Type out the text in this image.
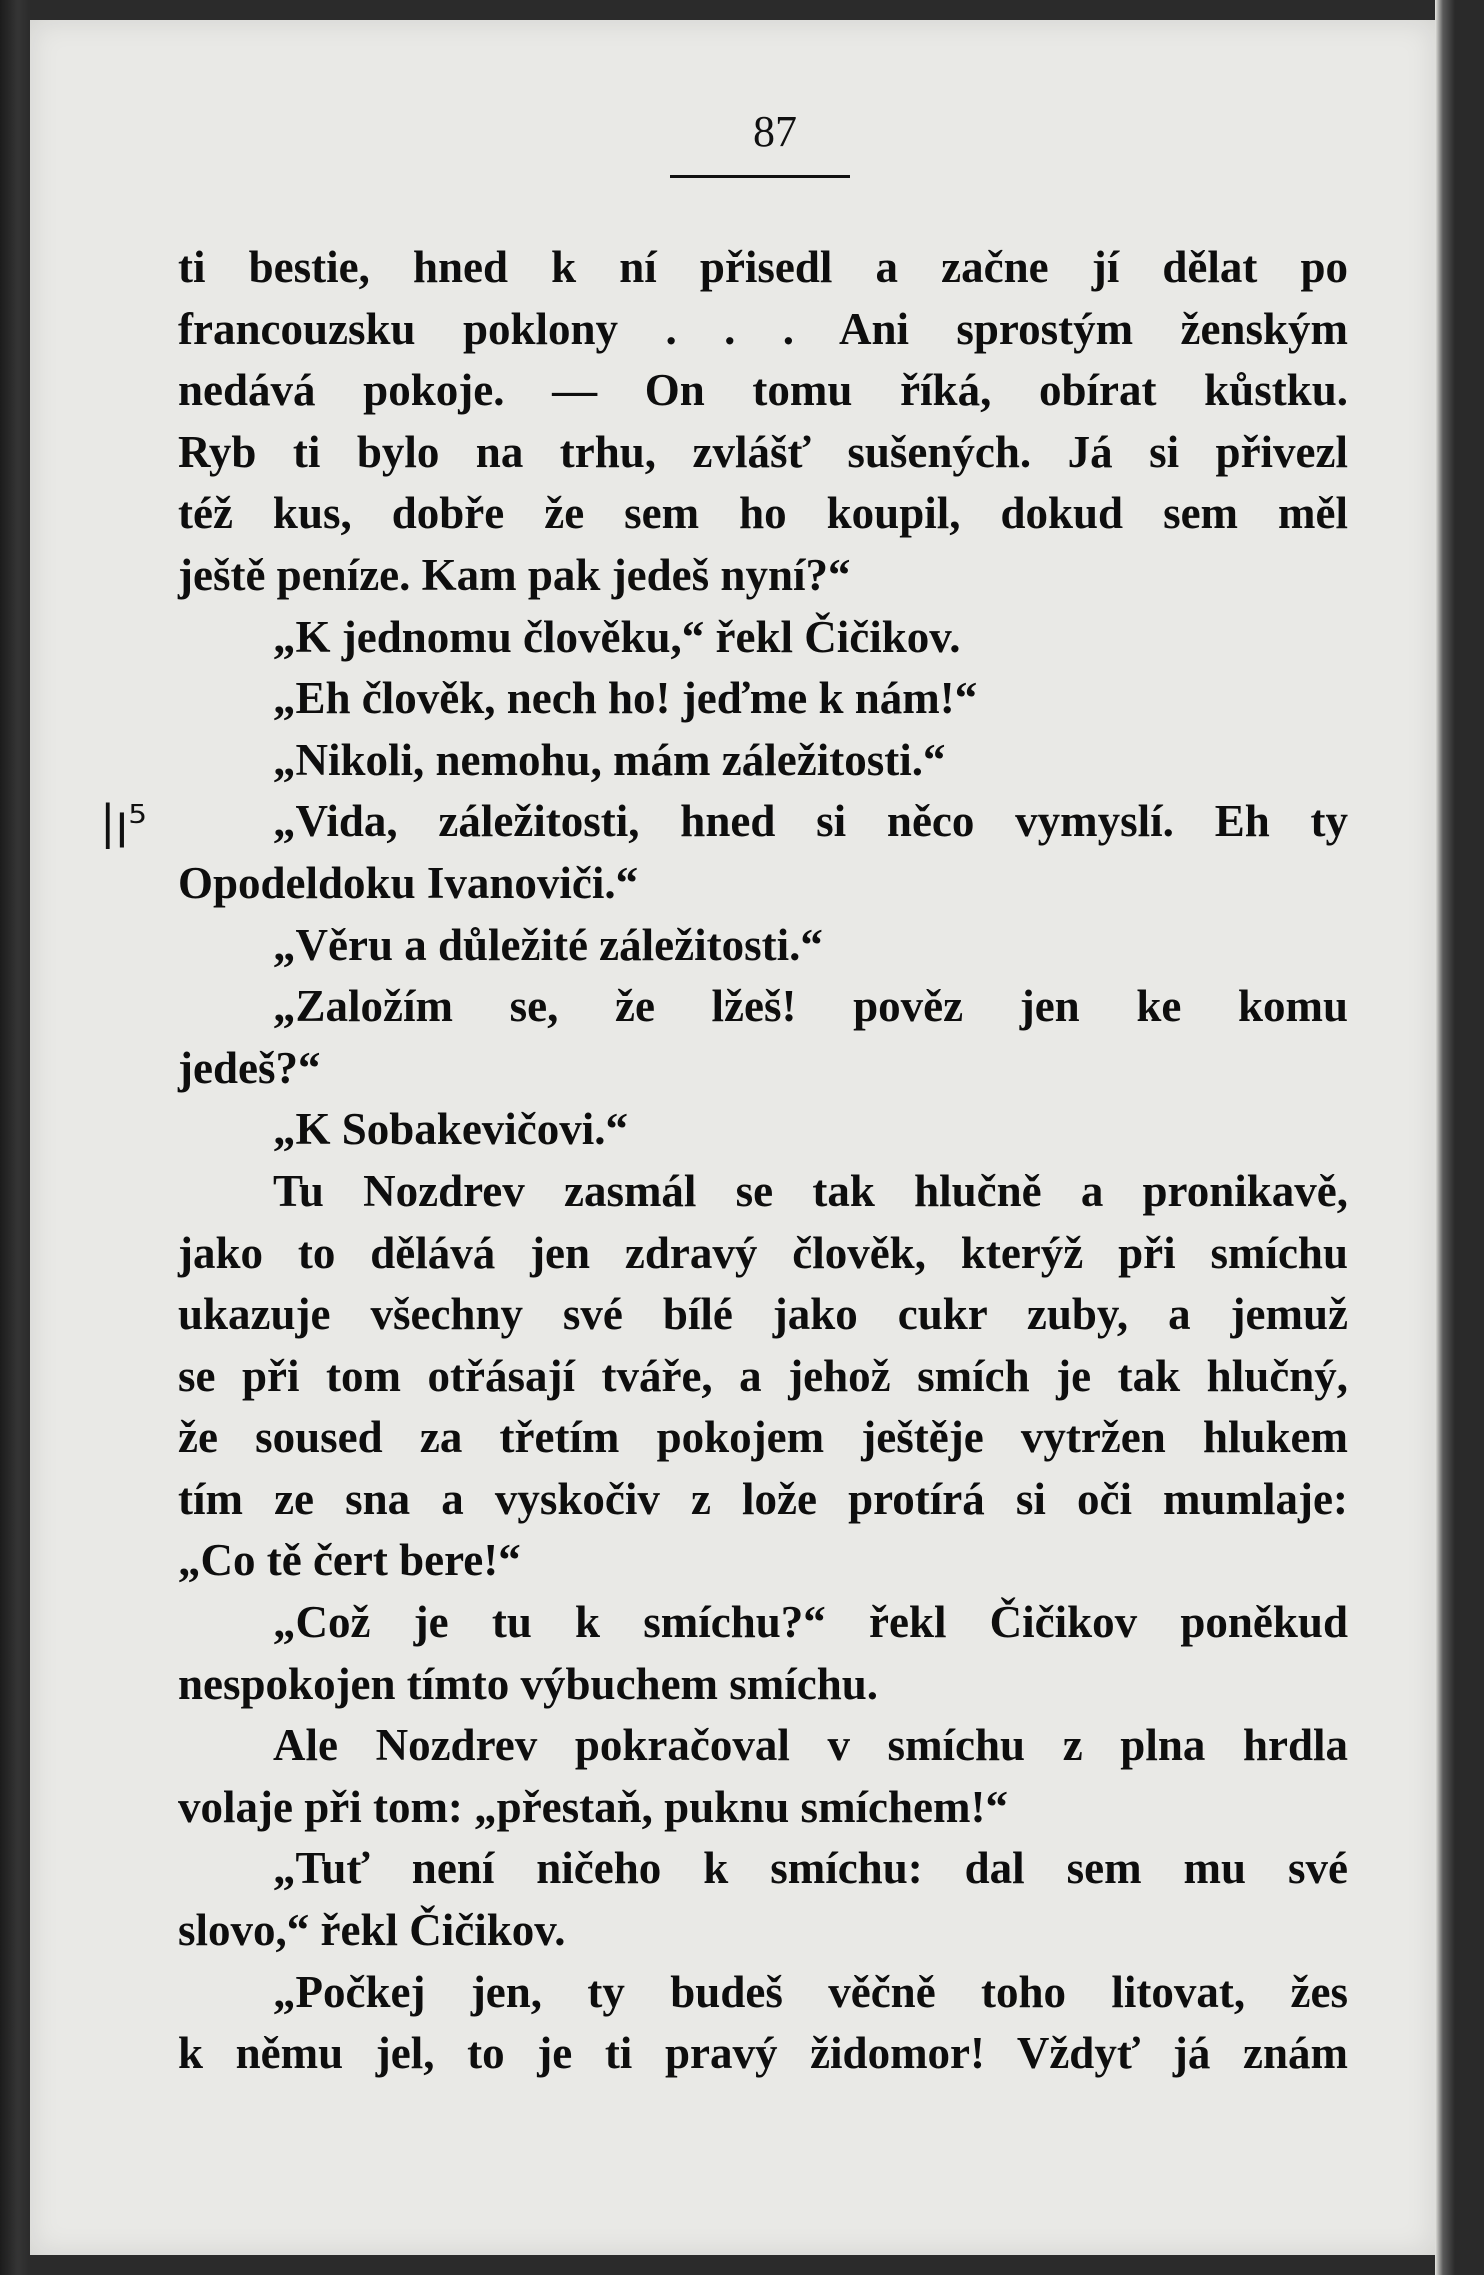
87
|ꞁ⁵
ti bestie, hned k ní přisedl a začne jí dělat po
francouzsku poklony . . . Ani sprostým ženským
nedává pokoje. — On tomu říká, obírat kůstku.
Ryb ti bylo na trhu, zvlášť sušených. Já si přivezl
též kus, dobře že sem ho koupil, dokud sem měl
ještě peníze. Kam pak jedeš nyní?“
„K jednomu člověku,“ řekl Čičikov.
„Eh člověk, nech ho! jeďme k nám!“
„Nikoli, nemohu, mám záležitosti.“
„Vida, záležitosti, hned si něco vymyslí. Eh ty
Opodeldoku Ivanoviči.“
„Věru a důležité záležitosti.“
„Založím se, že lžeš! pověz jen ke komu
jedeš?“
„K Sobakevičovi.“
Tu Nozdrev zasmál se tak hlučně a pronikavě,
jako to dělává jen zdravý člověk, kterýž při smíchu
ukazuje všechny své bílé jako cukr zuby, a jemuž
se při tom otřásají tváře, a jehož smích je tak hlučný,
že soused za třetím pokojem ještěje vytržen hlukem
tím ze sna a vyskočiv z lože protírá si oči mumlaje:
„Co tě čert bere!“
„Což je tu k smíchu?“ řekl Čičikov poněkud
nespokojen tímto výbuchem smíchu.
Ale Nozdrev pokračoval v smíchu z plna hrdla
volaje při tom: „přestaň, puknu smíchem!“
„Tuť není ničeho k smíchu: dal sem mu své
slovo,“ řekl Čičikov.
„Počkej jen, ty budeš věčně toho litovat, žes
k němu jel, to je ti pravý židomor! Vždyť já znám
